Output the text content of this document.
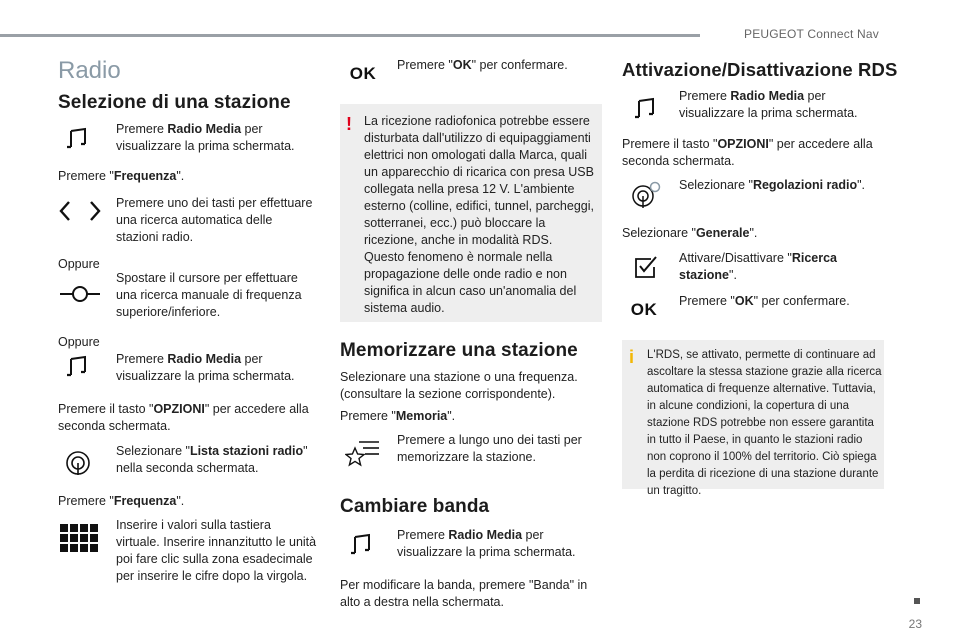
PEUGEOT Connect Nav
Radio
Selezione di una stazione
Premere Radio Media per visualizzare la prima schermata.
Premere "Frequenza".
Premere uno dei tasti per effettuare una ricerca automatica delle stazioni radio.
Oppure
Spostare il cursore per effettuare una ricerca manuale di frequenza superiore/inferiore.
Oppure
Premere Radio Media per visualizzare la prima schermata.
Premere il tasto "OPZIONI" per accedere alla seconda schermata.
Selezionare "Lista stazioni radio" nella seconda schermata.
Premere "Frequenza".
Inserire i valori sulla tastiera virtuale. Inserire innanzitutto le unità poi fare clic sulla zona esadecimale per inserire le cifre dopo la virgola.
OK	Premere "OK" per confermare.
! La ricezione radiofonica potrebbe essere disturbata dall'utilizzo di equipaggiamenti elettrici non omologati dalla Marca, quali un apparecchio di ricarica con presa USB collegata nella presa 12 V. L'ambiente esterno (colline, edifici, tunnel, parcheggi, sotterranei, ecc.) può bloccare la ricezione, anche in modalità RDS. Questo fenomeno è normale nella propagazione delle onde radio e non significa in alcun caso un'anomalia del sistema audio.
Memorizzare una stazione
Selezionare una stazione o una frequenza. (consultare la sezione corrispondente).
Premere "Memoria".
Premere a lungo uno dei tasti per memorizzare la stazione.
Cambiare banda
Premere Radio Media per visualizzare la prima schermata.
Per modificare la banda, premere "Banda" in alto a destra nella schermata.
Attivazione/Disattivazione RDS
Premere Radio Media per visualizzare la prima schermata.
Premere il tasto "OPZIONI" per accedere alla seconda schermata.
Selezionare "Regolazioni radio".
Selezionare "Generale".
Attivare/Disattivare "Ricerca stazione".
OK	Premere "OK" per confermare.
i L'RDS, se attivato, permette di continuare ad ascoltare la stessa stazione grazie alla ricerca automatica di frequenze alternative. Tuttavia, in alcune condizioni, la copertura di una stazione RDS potrebbe non essere garantita in tutto il Paese, in quanto le stazioni radio non coprono il 100% del territorio. Ciò spiega la perdita di ricezione di una stazione durante un tragitto.
23
